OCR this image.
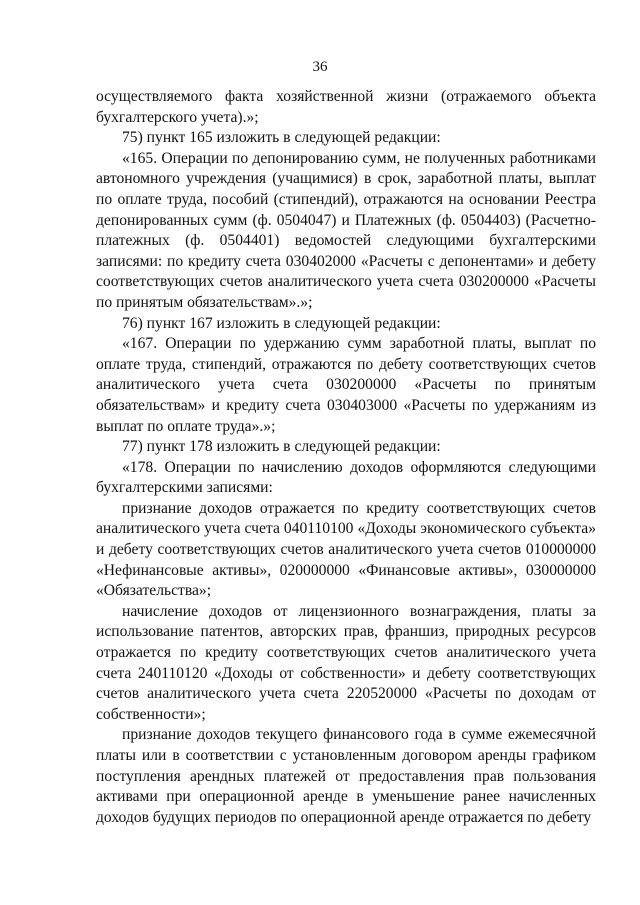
36

осуществляемого факта хозяйственной жизни (отражаемого объекта бухгалтерского учета).»;

75) пункт 165 изложить в следующей редакции:

«165. Операции по депонированию сумм, не полученных работниками автономного учреждения (учащимися) в срок, заработной платы, выплат по оплате труда, пособий (стипендий), отражаются на основании Реестра депонированных сумм (ф. 0504047) и Платежных (ф. 0504403) (Расчетно-платежных (ф. 0504401) ведомостей следующими бухгалтерскими записями: по кредиту счета 030402000 «Расчеты с депонентами» и дебету соответствующих счетов аналитического учета счета 030200000 «Расчеты по принятым обязательствам».»;

76) пункт 167 изложить в следующей редакции:

«167. Операции по удержанию сумм заработной платы, выплат по оплате труда, стипендий, отражаются по дебету соответствующих счетов аналитического учета счета 030200000 «Расчеты по принятым обязательствам» и кредиту счета 030403000 «Расчеты по удержаниям из выплат по оплате труда».»;

77) пункт 178 изложить в следующей редакции:

«178. Операции по начислению доходов оформляются следующими бухгалтерскими записями:

признание доходов отражается по кредиту соответствующих счетов аналитического учета счета 040110100 «Доходы экономического субъекта» и дебету соответствующих счетов аналитического учета счетов 010000000 «Нефинансовые активы», 020000000 «Финансовые активы», 030000000 «Обязательства»;

начисление доходов от лицензионного вознаграждения, платы за использование патентов, авторских прав, франшиз, природных ресурсов отражается по кредиту соответствующих счетов аналитического учета счета 240110120 «Доходы от собственности» и дебету соответствующих счетов аналитического учета счета 220520000 «Расчеты по доходам от собственности»;

признание доходов текущего финансового года в сумме ежемесячной платы или в соответствии с установленным договором аренды графиком поступления арендных платежей от предоставления прав пользования активами при операционной аренде в уменьшение ранее начисленных доходов будущих периодов по операционной аренде отражается по дебету
